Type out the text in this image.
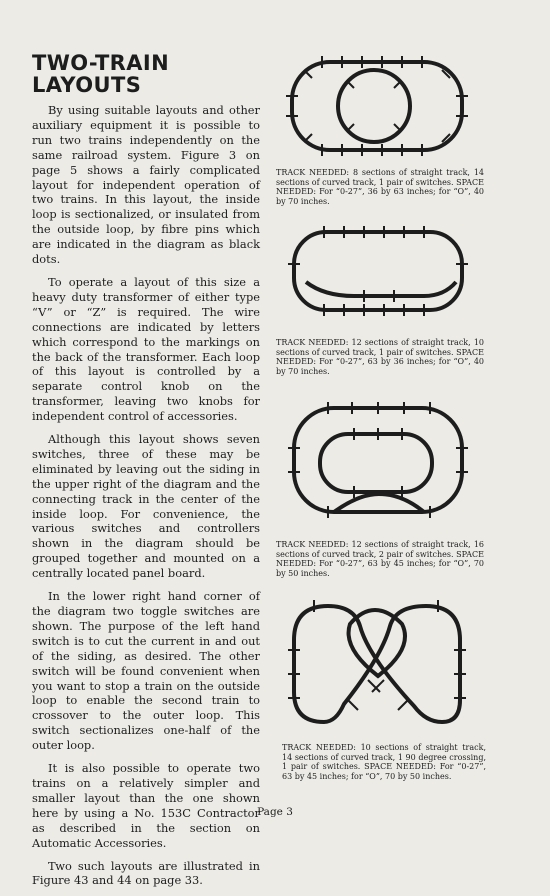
TWO-TRAIN
LAYOUTS

By using suitable layouts and other auxiliary equipment it is possible to run two trains independently on the same railroad system. Figure 3 on page 5 shows a fairly complicated layout for independent operation of two trains. In this layout, the inside loop is sectionalized, or insulated from the outside loop, by fibre pins which are indicated in the diagram as black dots.

To operate a layout of this size a heavy duty transformer of either type “V” or “Z” is required. The wire connections are indicated by letters which correspond to the markings on the back of the transformer. Each loop of this layout is controlled by a separate control knob on the transformer, leaving two knobs for independent control of accessories.

Although this layout shows seven switches, three of these may be eliminated by leaving out the siding in the upper right of the diagram and the connecting track in the center of the inside loop. For convenience, the various switches and controllers shown in the diagram should be grouped together and mounted on a centrally located panel board.

In the lower right hand corner of the diagram two toggle switches are shown. The purpose of the left hand switch is to cut the current in and out of the siding, as desired. The other switch will be found convenient when you want to stop a train on the outside loop to enable the second train to crossover to the outer loop. This switch sectionalizes one-half of the outer loop.

It is also possible to operate two trains on a relatively simpler and smaller layout than the one shown here by using a No. 153C Contractor as described in the section on Automatic Accessories.

Two such layouts are illustrated in Figure 43 and 44 on page 33.

TRACK NEEDED: 8 sections of straight track, 14 sections of curved track, 1 pair of switches. SPACE NEEDED: For “0-27”, 36 by 63 inches; for “O”, 40 by 70 inches.

TRACK NEEDED: 12 sections of straight track, 10 sections of curved track, 1 pair of switches. SPACE NEEDED: For “0-27”, 63 by 36 inches; for “O”, 40 by 70 inches.

TRACK NEEDED: 12 sections of straight track, 16 sections of curved track, 2 pair of switches. SPACE NEEDED: For “0-27”, 63 by 45 inches; for “O”, 70 by 50 inches.

TRACK NEEDED: 10 sections of straight track, 14 sections of curved track, 1 90 degree crossing, 1 pair of switches. SPACE NEEDED: For “0-27”, 63 by 45 inches; for “O”, 70 by 50 inches.

Page 3
